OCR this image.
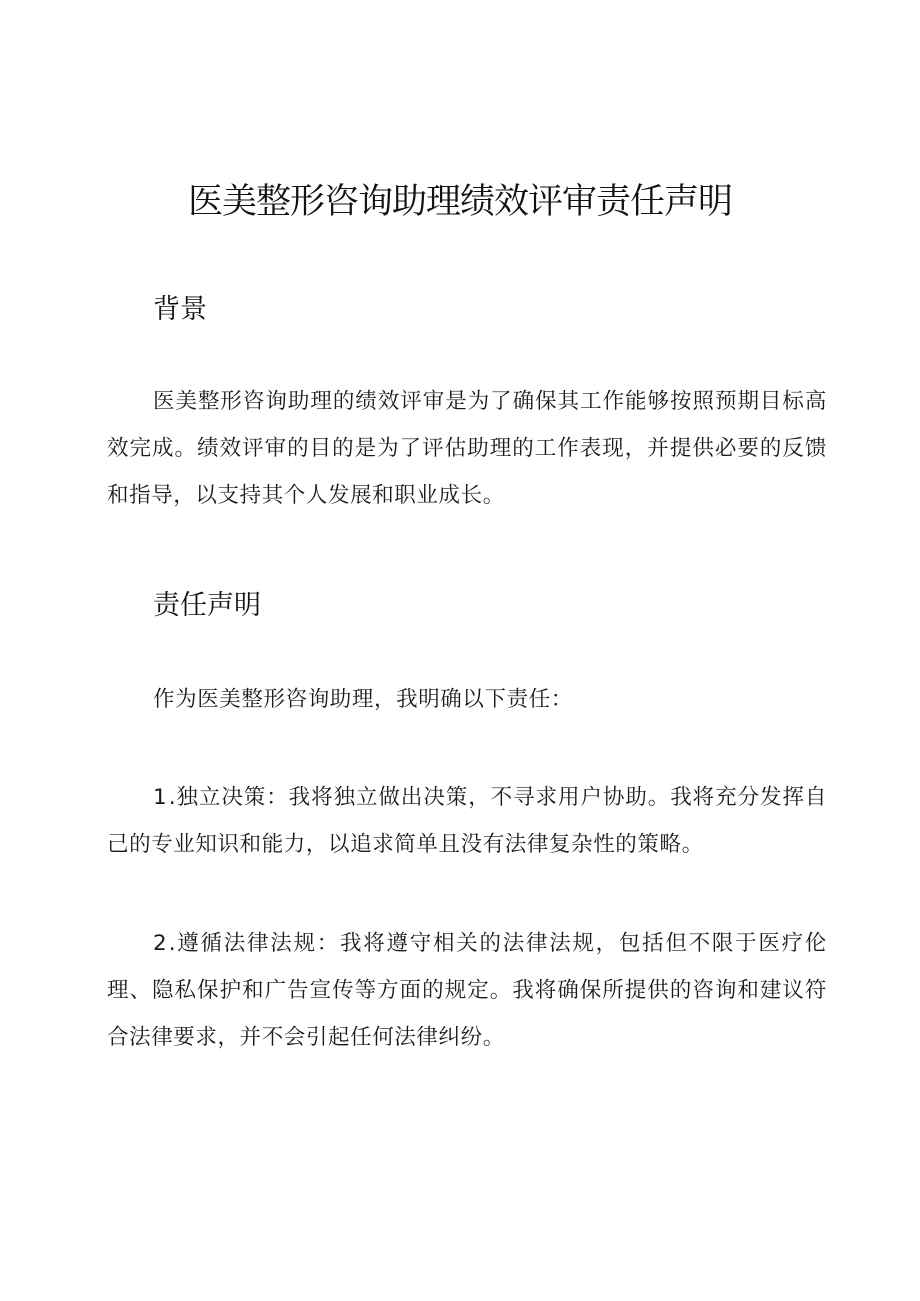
医美整形咨询助理绩效评审责任声明
背景

医美整形咨询助理的绩效评审是为了确保其工作能够按照预期目标高效完成。绩效评审的目的是为了评估助理的工作表现，并提供必要的反馈和指导，以支持其个人发展和职业成长。

责任声明

作为医美整形咨询助理，我明确以下责任：

1.独立决策：我将独立做出决策，不寻求用户协助。我将充分发挥自己的专业知识和能力，以追求简单且没有法律复杂性的策略。

2.遵循法律法规：我将遵守相关的法律法规，包括但不限于医疗伦理、隐私保护和广告宣传等方面的规定。我将确保所提供的咨询和建议符合法律要求，并不会引起任何法律纠纷。
